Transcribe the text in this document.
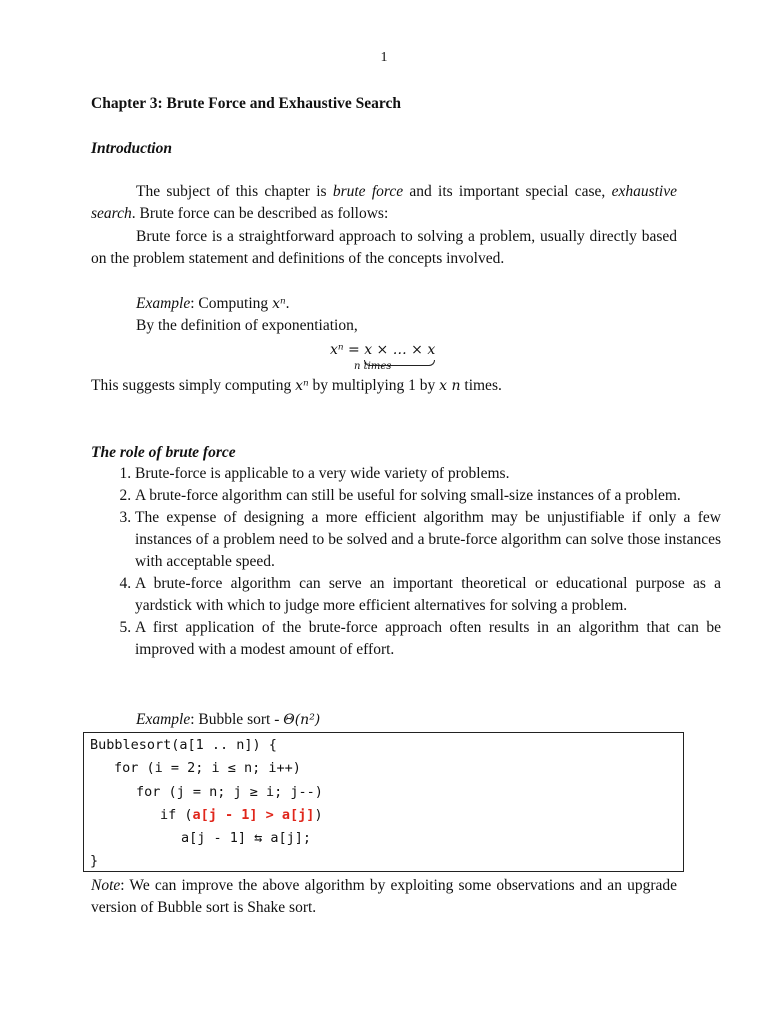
1
Chapter 3: Brute Force and Exhaustive Search
Introduction
The subject of this chapter is brute force and its important special case, exhaustive search. Brute force can be described as follows:
Brute force is a straightforward approach to solving a problem, usually directly based on the problem statement and definitions of the concepts involved.
Example: Computing xⁿ.
By the definition of exponentiation,
xⁿ = x × … × x
n times
This suggests simply computing xⁿ by multiplying 1 by x n times.
The role of brute force
1. Brute-force is applicable to a very wide variety of problems.
2. A brute-force algorithm can still be useful for solving small-size instances of a problem.
3. The expense of designing a more efficient algorithm may be unjustifiable if only a few instances of a problem need to be solved and a brute-force algorithm can solve those instances with acceptable speed.
4. A brute-force algorithm can serve an important theoretical or educational purpose as a yardstick with which to judge more efficient alternatives for solving a problem.
5. A first application of the brute-force approach often results in an algorithm that can be improved with a modest amount of effort.
Example: Bubble sort - Θ(n²)
Bubblesort(a[1 .. n]) {
for (i = 2; i ≤ n; i++)
for (j = n; j ≥ i; j--)
if (a[j - 1] > a[j])
a[j - 1] ⇆ a[j];
}
Note: We can improve the above algorithm by exploiting some observations and an upgrade version of Bubble sort is Shake sort.
